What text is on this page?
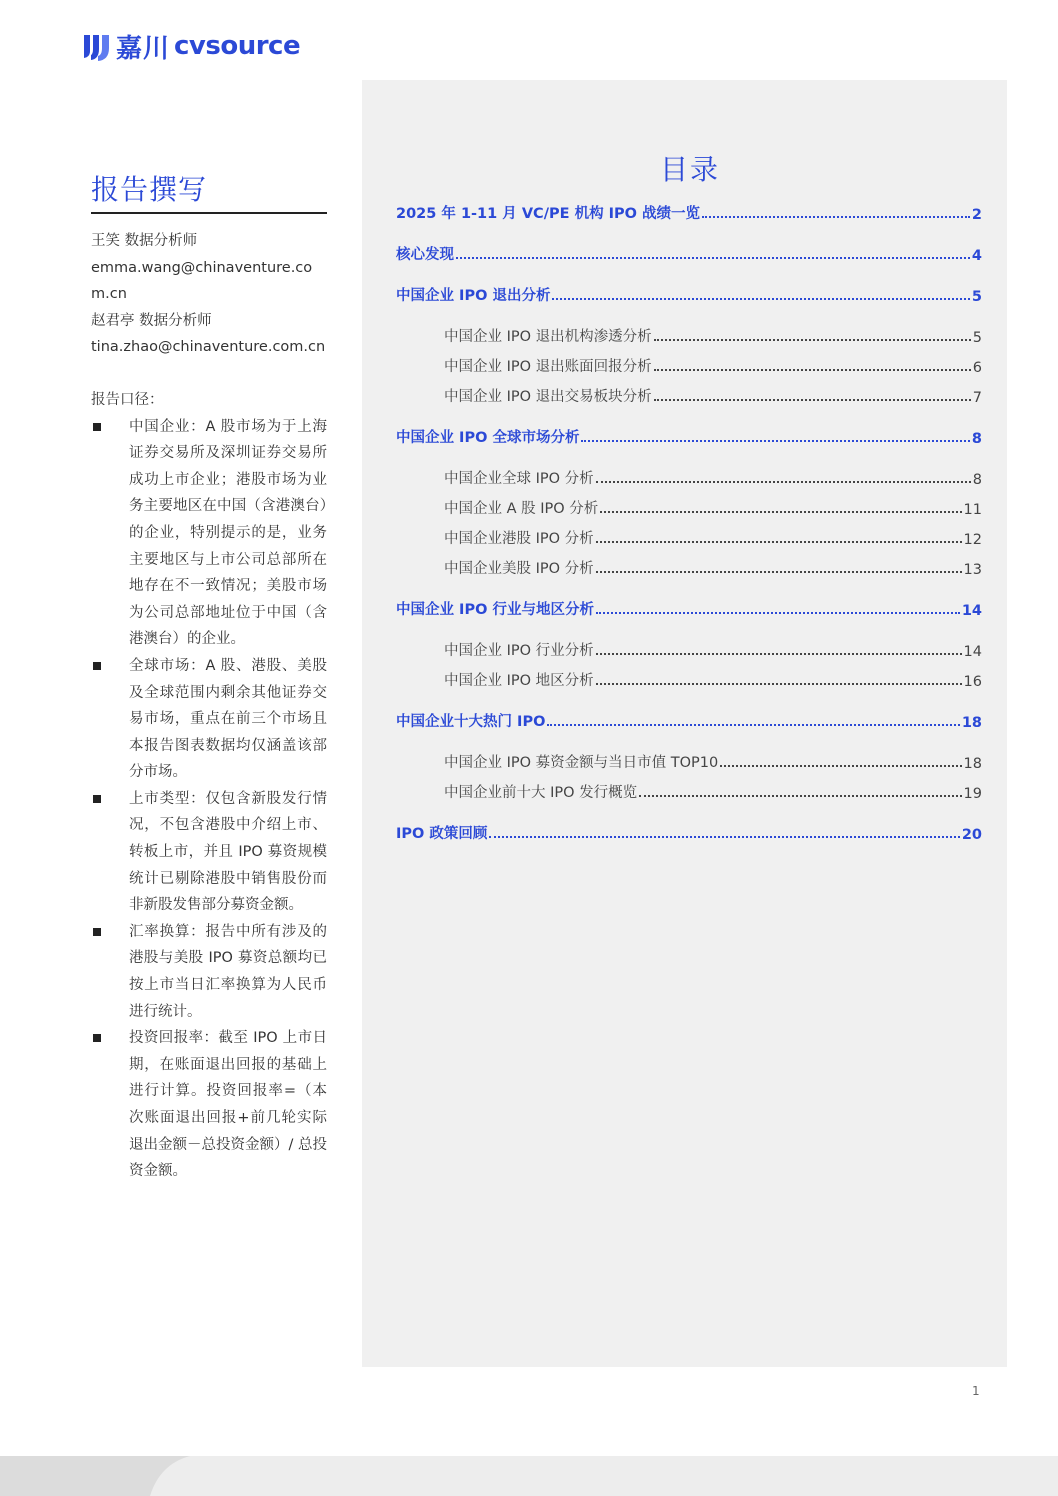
嘉川 cvsource
报告撰写
王笑 数据分析师
emma.wang@chinaventure.com.cn
赵君亭 数据分析师
tina.zhao@chinaventure.com.cn
报告口径：
中国企业：A 股市场为于上海证券交易所及深圳证券交易所成功上市企业；港股市场为业务主要地区在中国（含港澳台）的企业，特别提示的是，业务主要地区与上市公司总部所在地存在不一致情况；美股市场为公司总部地址位于中国（含港澳台）的企业。
全球市场：A 股、港股、美股及全球范围内剩余其他证券交易市场，重点在前三个市场且本报告图表数据均仅涵盖该部分市场。
上市类型：仅包含新股发行情况，不包含港股中介绍上市、转板上市，并且 IPO 募资规模统计已剔除港股中销售股份而非新股发售部分募资金额。
汇率换算：报告中所有涉及的港股与美股 IPO 募资总额均已按上市当日汇率换算为人民币进行统计。
投资回报率：截至 IPO 上市日期，在账面退出回报的基础上进行计算。投资回报率=（本次账面退出回报+前几轮实际退出金额－总投资金额）/ 总投资金额。
目录
2025 年 1-11 月 VC/PE 机构 IPO 战绩一览	2
核心发现	4
中国企业 IPO 退出分析	5
中国企业 IPO 退出机构渗透分析	5
中国企业 IPO 退出账面回报分析	6
中国企业 IPO 退出交易板块分析	7
中国企业 IPO 全球市场分析	8
中国企业全球 IPO 分析	8
中国企业 A 股 IPO 分析	11
中国企业港股 IPO 分析	12
中国企业美股 IPO 分析	13
中国企业 IPO 行业与地区分析	14
中国企业 IPO 行业分析	14
中国企业 IPO 地区分析	16
中国企业十大热门 IPO	18
中国企业 IPO 募资金额与当日市值 TOP10	18
中国企业前十大 IPO 发行概览	19
IPO 政策回顾	20
1
